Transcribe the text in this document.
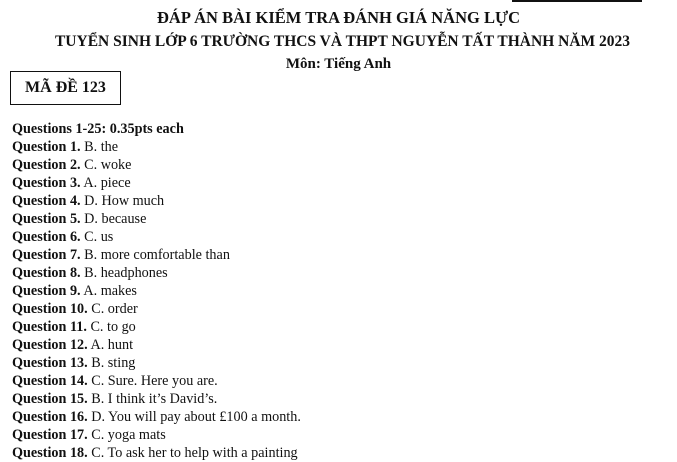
ĐÁP ÁN BÀI KIỂM TRA ĐÁNH GIÁ NĂNG LỰC
TUYỂN SINH LỚP 6 TRƯỜNG THCS VÀ THPT NGUYỄN TẤT THÀNH NĂM 2023
Môn: Tiếng Anh
MÃ ĐỀ 123
Questions 1-25: 0.35pts each
Question 1. B. the
Question 2. C. woke
Question 3. A. piece
Question 4. D. How much
Question 5. D. because
Question 6. C. us
Question 7. B. more comfortable than
Question 8. B. headphones
Question 9. A. makes
Question 10. C. order
Question 11. C. to go
Question 12. A. hunt
Question 13. B. sting
Question 14. C. Sure. Here you are.
Question 15. B. I think it’s David’s.
Question 16. D. You will pay about £100 a month.
Question 17. C. yoga mats
Question 18. C. To ask her to help with a painting
